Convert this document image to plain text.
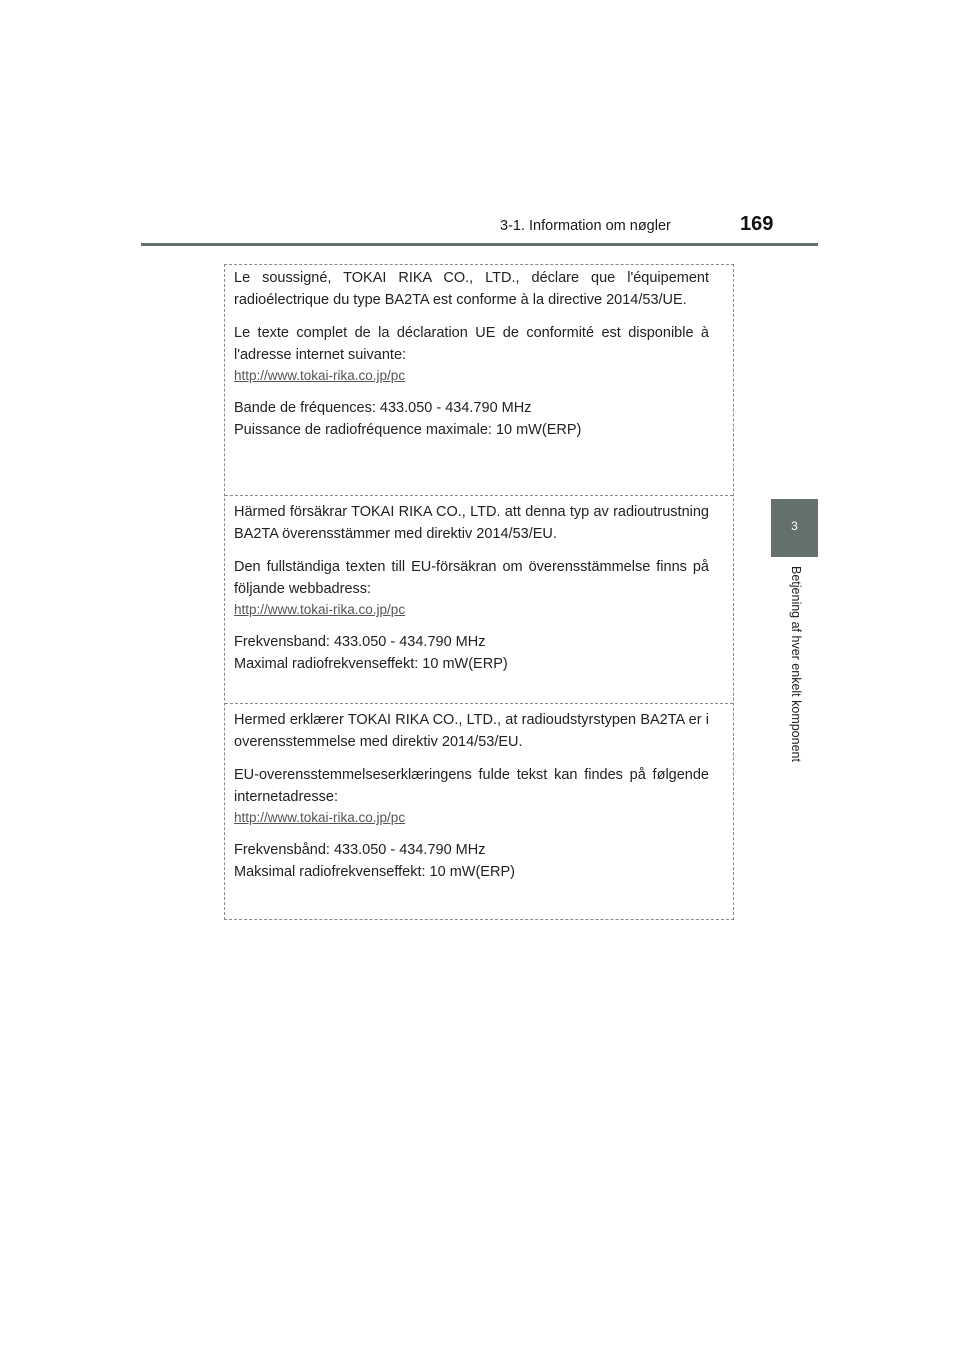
3-1. Information om nøgler	169
3
Betjening af hver enkelt komponent

Le soussigné, TOKAI RIKA CO., LTD., déclare que l'équipement radioélectrique du type BA2TA est conforme à la directive 2014/53/UE.

Le texte complet de la déclaration UE de conformité est disponible à l'adresse internet suivante:

http://www.tokai-rika.co.jp/pc

Bande de fréquences: 433.050 - 434.790 MHz

Puissance de radiofréquence maximale: 10 mW(ERP)

Härmed försäkrar TOKAI RIKA CO., LTD. att denna typ av radioutrustning BA2TA överensstämmer med direktiv 2014/53/EU.

Den fullständiga texten till EU-försäkran om överensstämmelse finns på följande webbadress:

http://www.tokai-rika.co.jp/pc

Frekvensband: 433.050 - 434.790 MHz

Maximal radiofrekvenseffekt: 10 mW(ERP)

Hermed erklærer TOKAI RIKA CO., LTD., at radioudstyrstypen BA2TA er i overensstemmelse med direktiv 2014/53/EU.

EU-overensstemmelseserklæringens fulde tekst kan findes på følgende internetadresse:

http://www.tokai-rika.co.jp/pc

Frekvensbånd: 433.050 - 434.790 MHz

Maksimal radiofrekvenseffekt: 10 mW(ERP)
